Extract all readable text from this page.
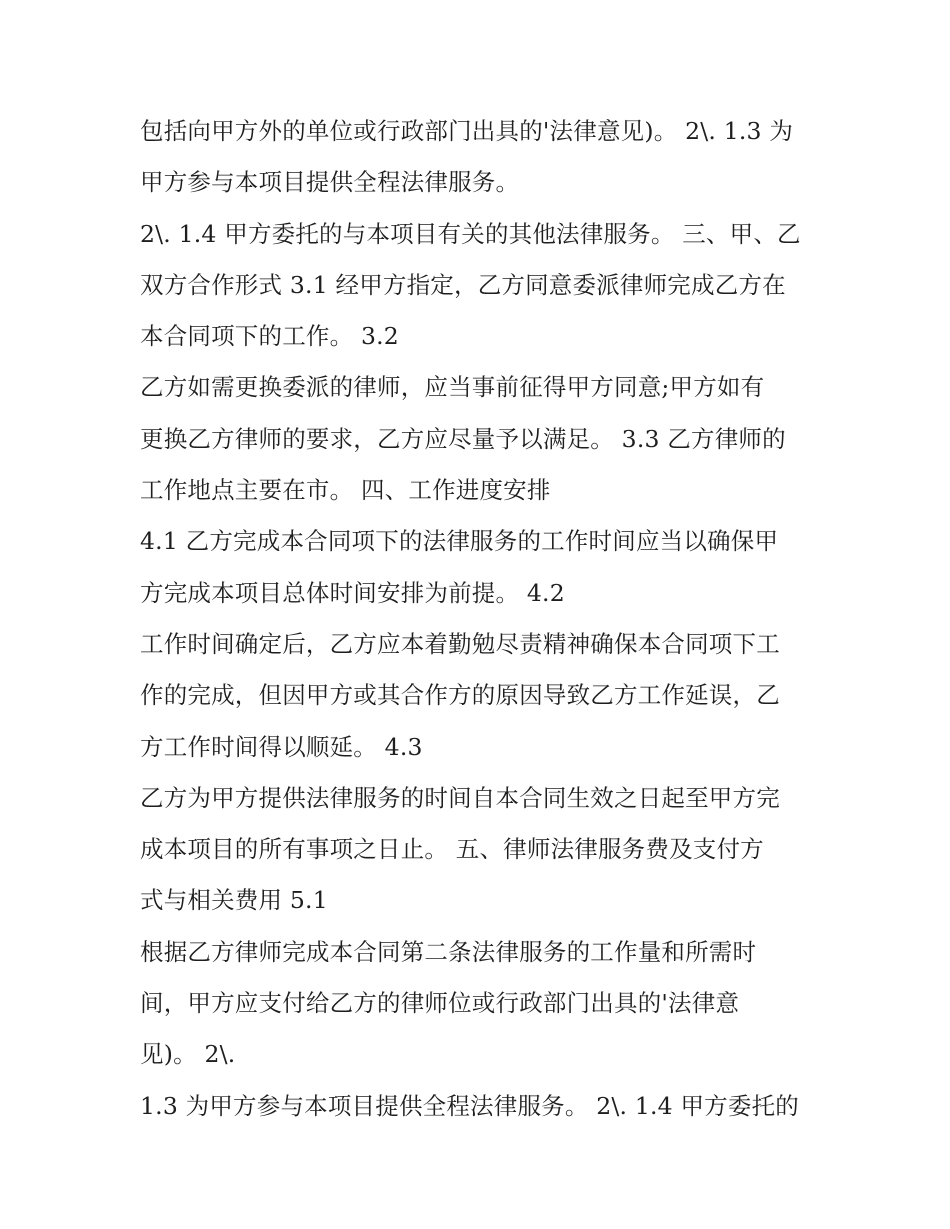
包括向甲方外的单位或行政部门出具的'法律意见)。 2\. 1.3 为
甲方参与本项目提供全程法律服务。
2\. 1.4 甲方委托的与本项目有关的其他法律服务。 三、甲、乙
双方合作形式 3.1 经甲方指定，乙方同意委派律师完成乙方在
本合同项下的工作。 3.2
乙方如需更换委派的律师，应当事前征得甲方同意;甲方如有
更换乙方律师的要求，乙方应尽量予以满足。 3.3 乙方律师的
工作地点主要在市。 四、工作进度安排
4.1 乙方完成本合同项下的法律服务的工作时间应当以确保甲
方完成本项目总体时间安排为前提。 4.2
工作时间确定后，乙方应本着勤勉尽责精神确保本合同项下工
作的完成，但因甲方或其合作方的原因导致乙方工作延误，乙
方工作时间得以顺延。 4.3
乙方为甲方提供法律服务的时间自本合同生效之日起至甲方完
成本项目的所有事项之日止。 五、律师法律服务费及支付方
式与相关费用 5.1
根据乙方律师完成本合同第二条法律服务的工作量和所需时
间，甲方应支付给乙方的律师位或行政部门出具的'法律意
见)。 2\.
1.3 为甲方参与本项目提供全程法律服务。 2\. 1.4 甲方委托的
